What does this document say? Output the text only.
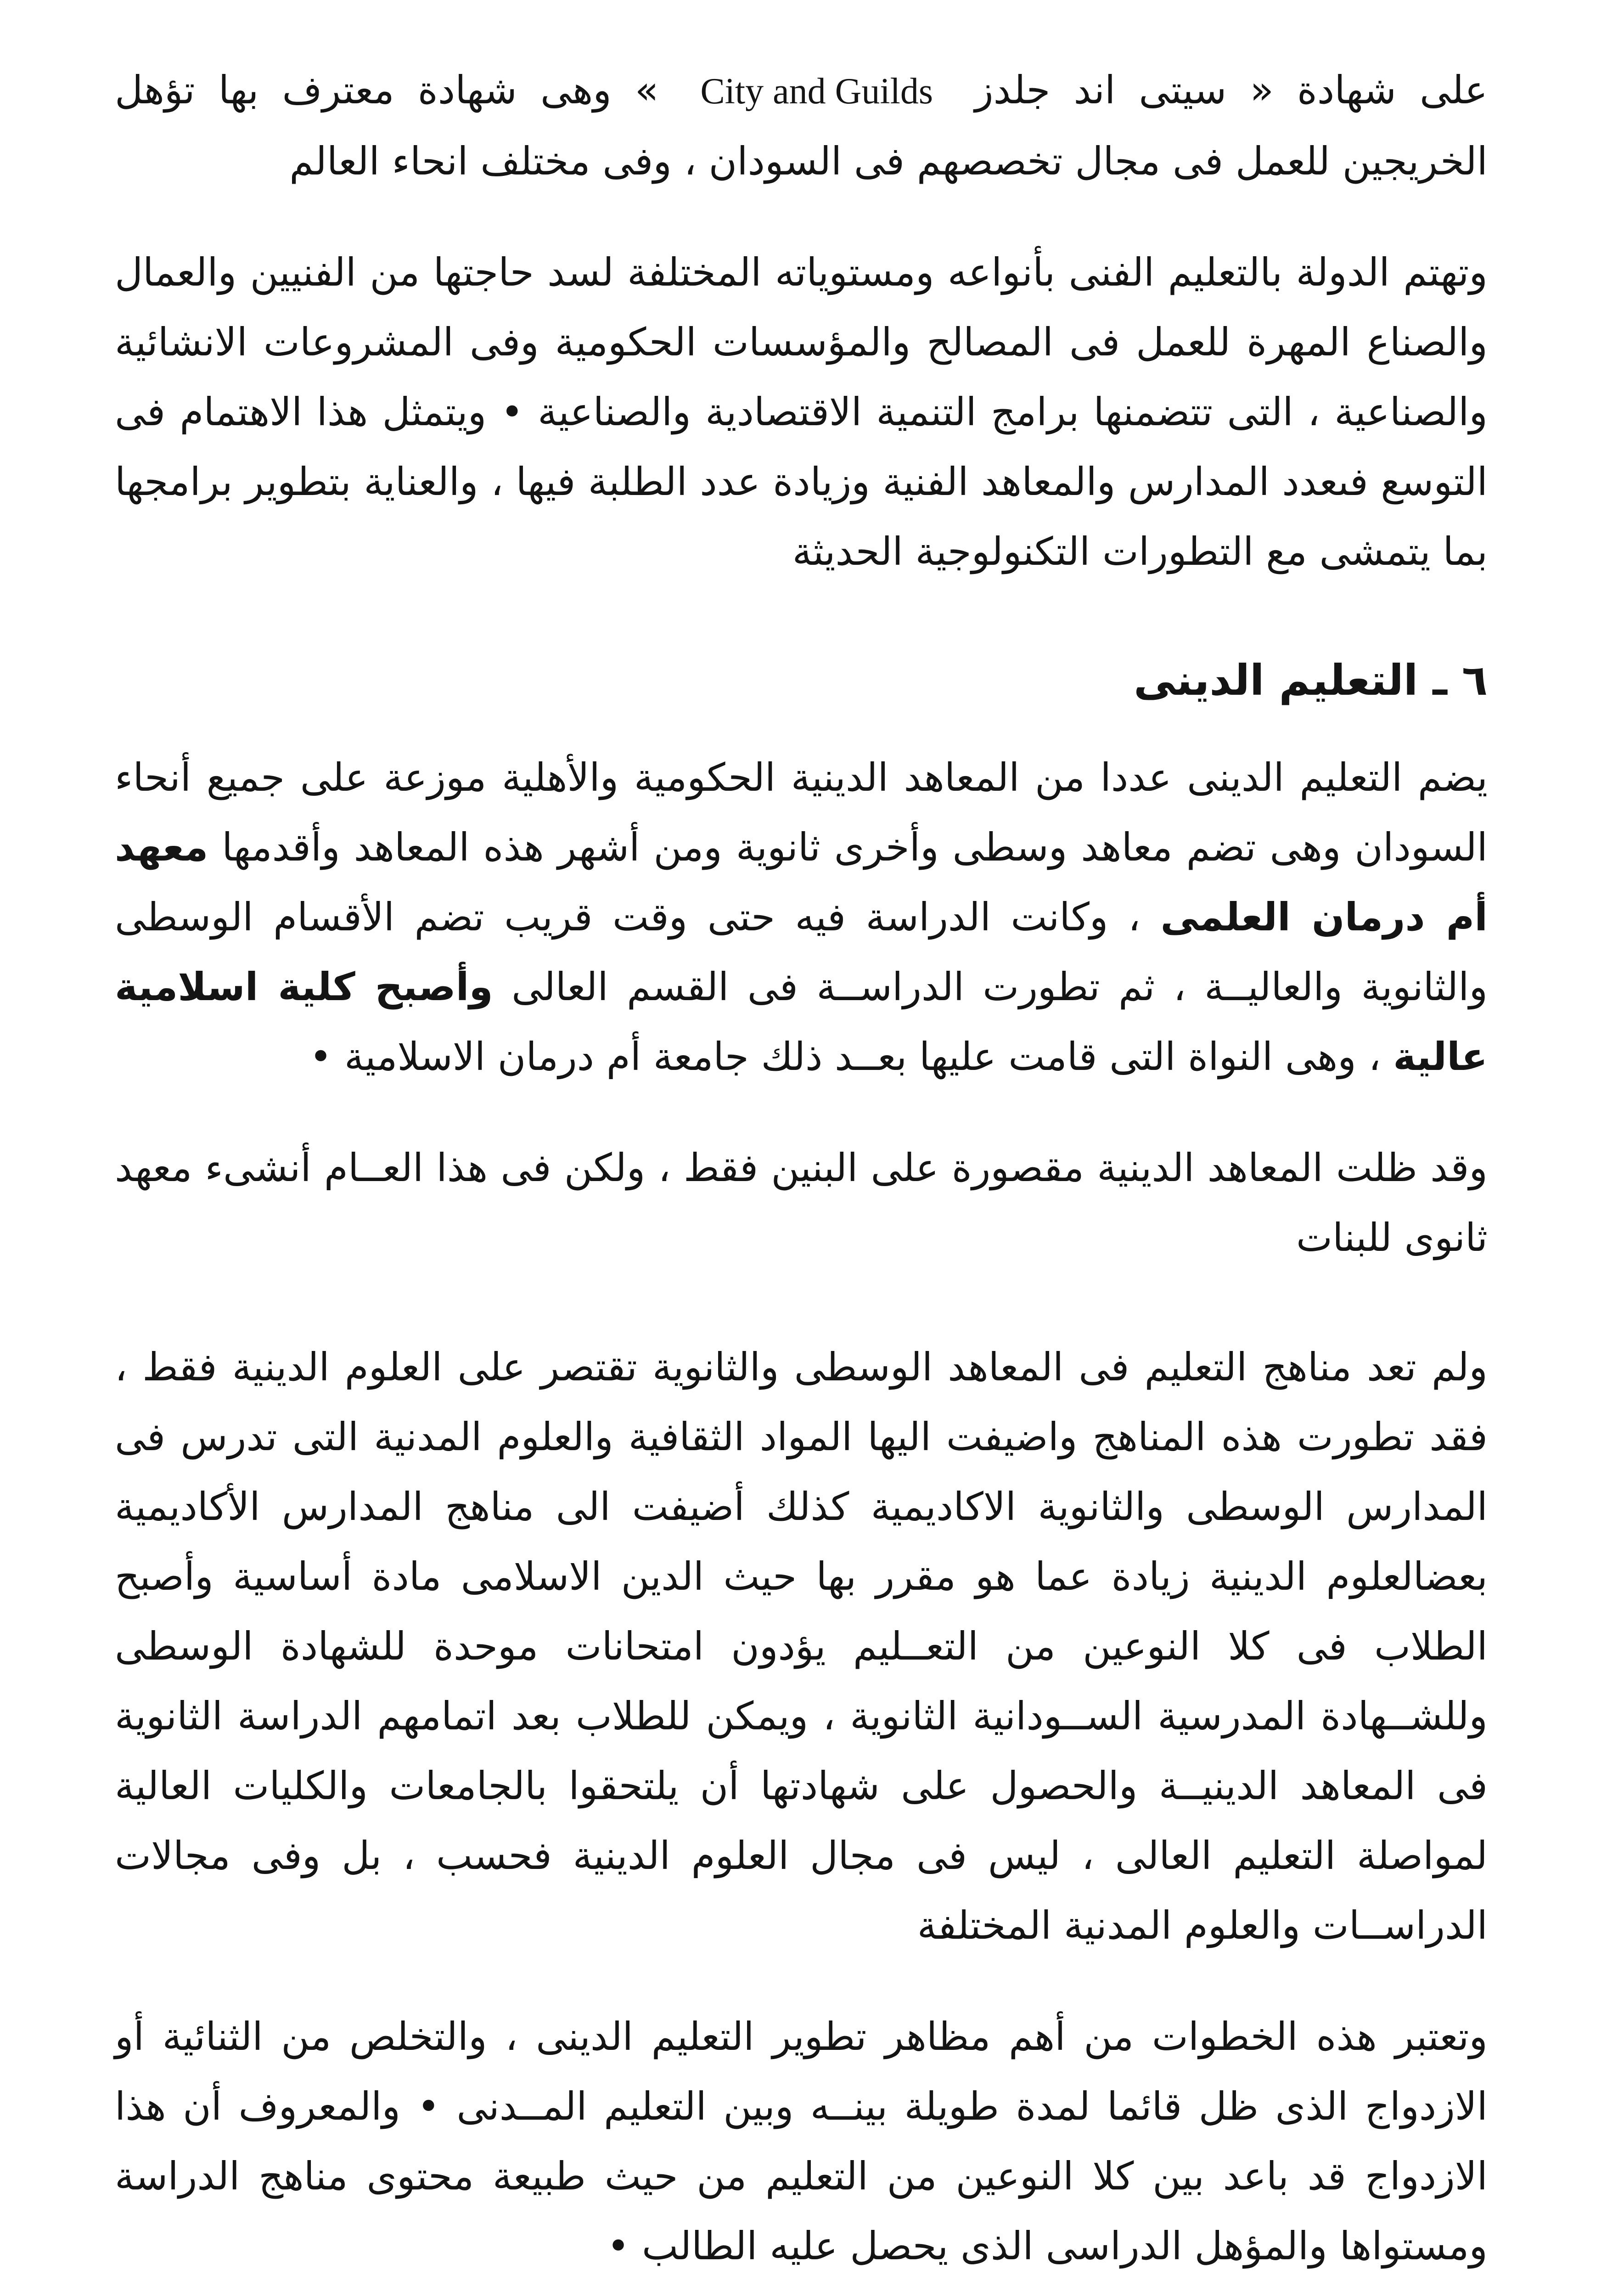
على شهادة « سيتى اند جلدز City and Guilds » وهى شهادة معترف بها تؤهل الخريجين للعمل فى مجال تخصصهم فى السودان ، وفى مختلف انحاء العالم

وتهتم الدولة بالتعليم الفنى بأنواعه ومستوياته المختلفة لسد حاجتها من الفنيين والعمال والصناع المهرة للعمل فى المصالح والمؤسسات الحكومية وفى المشروعات الانشائية والصناعية ، التى تتضمنها برامج التنمية الاقتصادية والصناعية • ويتمثل هذا الاهتمام فى التوسع فىعدد المدارس والمعاهد الفنية وزيادة عدد الطلبة فيها ، والعناية بتطوير برامجها بما يتمشى مع التطورات التكنولوجية الحديثة

٦ ـ التعليم الدينى

يضم التعليم الدينى عددا من المعاهد الدينية الحكومية والأهلية موزعة على جميع أنحاء السودان وهى تضم معاهد وسطى وأخرى ثانوية ومن أشهر هذه المعاهد وأقدمها معهد أم درمان العلمى ، وكانت الدراسة فيه حتى وقت قريب تضم الأقسام الوسطى والثانوية والعاليــة ، ثم تطورت الدراســة فى القسم العالى وأصبح كلية اسلامية عالية ، وهى النواة التى قامت عليها بعــد ذلك جامعة أم درمان الاسلامية •

وقد ظلت المعاهد الدينية مقصورة على البنين فقط ، ولكن فى هذا العــام أنشىء معهد ثانوى للبنات

ولم تعد مناهج التعليم فى المعاهد الوسطى والثانوية تقتصر على العلوم الدينية فقط ، فقد تطورت هذه المناهج واضيفت اليها المواد الثقافية والعلوم المدنية التى تدرس فى المدارس الوسطى والثانوية الاكاديمية كذلك أضيفت الى مناهج المدارس الأكاديمية بعضالعلوم الدينية زيادة عما هو مقرر بها حيث الدين الاسلامى مادة أساسية وأصبح الطلاب فى كلا النوعين من التعــليم يؤدون امتحانات موحدة للشهادة الوسطى وللشــهادة المدرسية الســودانية الثانوية ، ويمكن للطلاب بعد اتمامهم الدراسة الثانوية فى المعاهد الدينيــة والحصول على شهادتها أن يلتحقوا بالجامعات والكليات العالية لمواصلة التعليم العالى ، ليس فى مجال العلوم الدينية فحسب ، بل وفى مجالات الدراســات والعلوم المدنية المختلفة

وتعتبر هذه الخطوات من أهم مظاهر تطوير التعليم الدينى ، والتخلص من الثنائية أو الازدواج الذى ظل قائما لمدة طويلة بينــه وبين التعليم المــدنى • والمعروف أن هذا الازدواج قد باعد بين كلا النوعين من التعليم من حيث طبيعة محتوى مناهج الدراسة ومستواها والمؤهل الدراسى الذى يحصل عليه الطالب •
